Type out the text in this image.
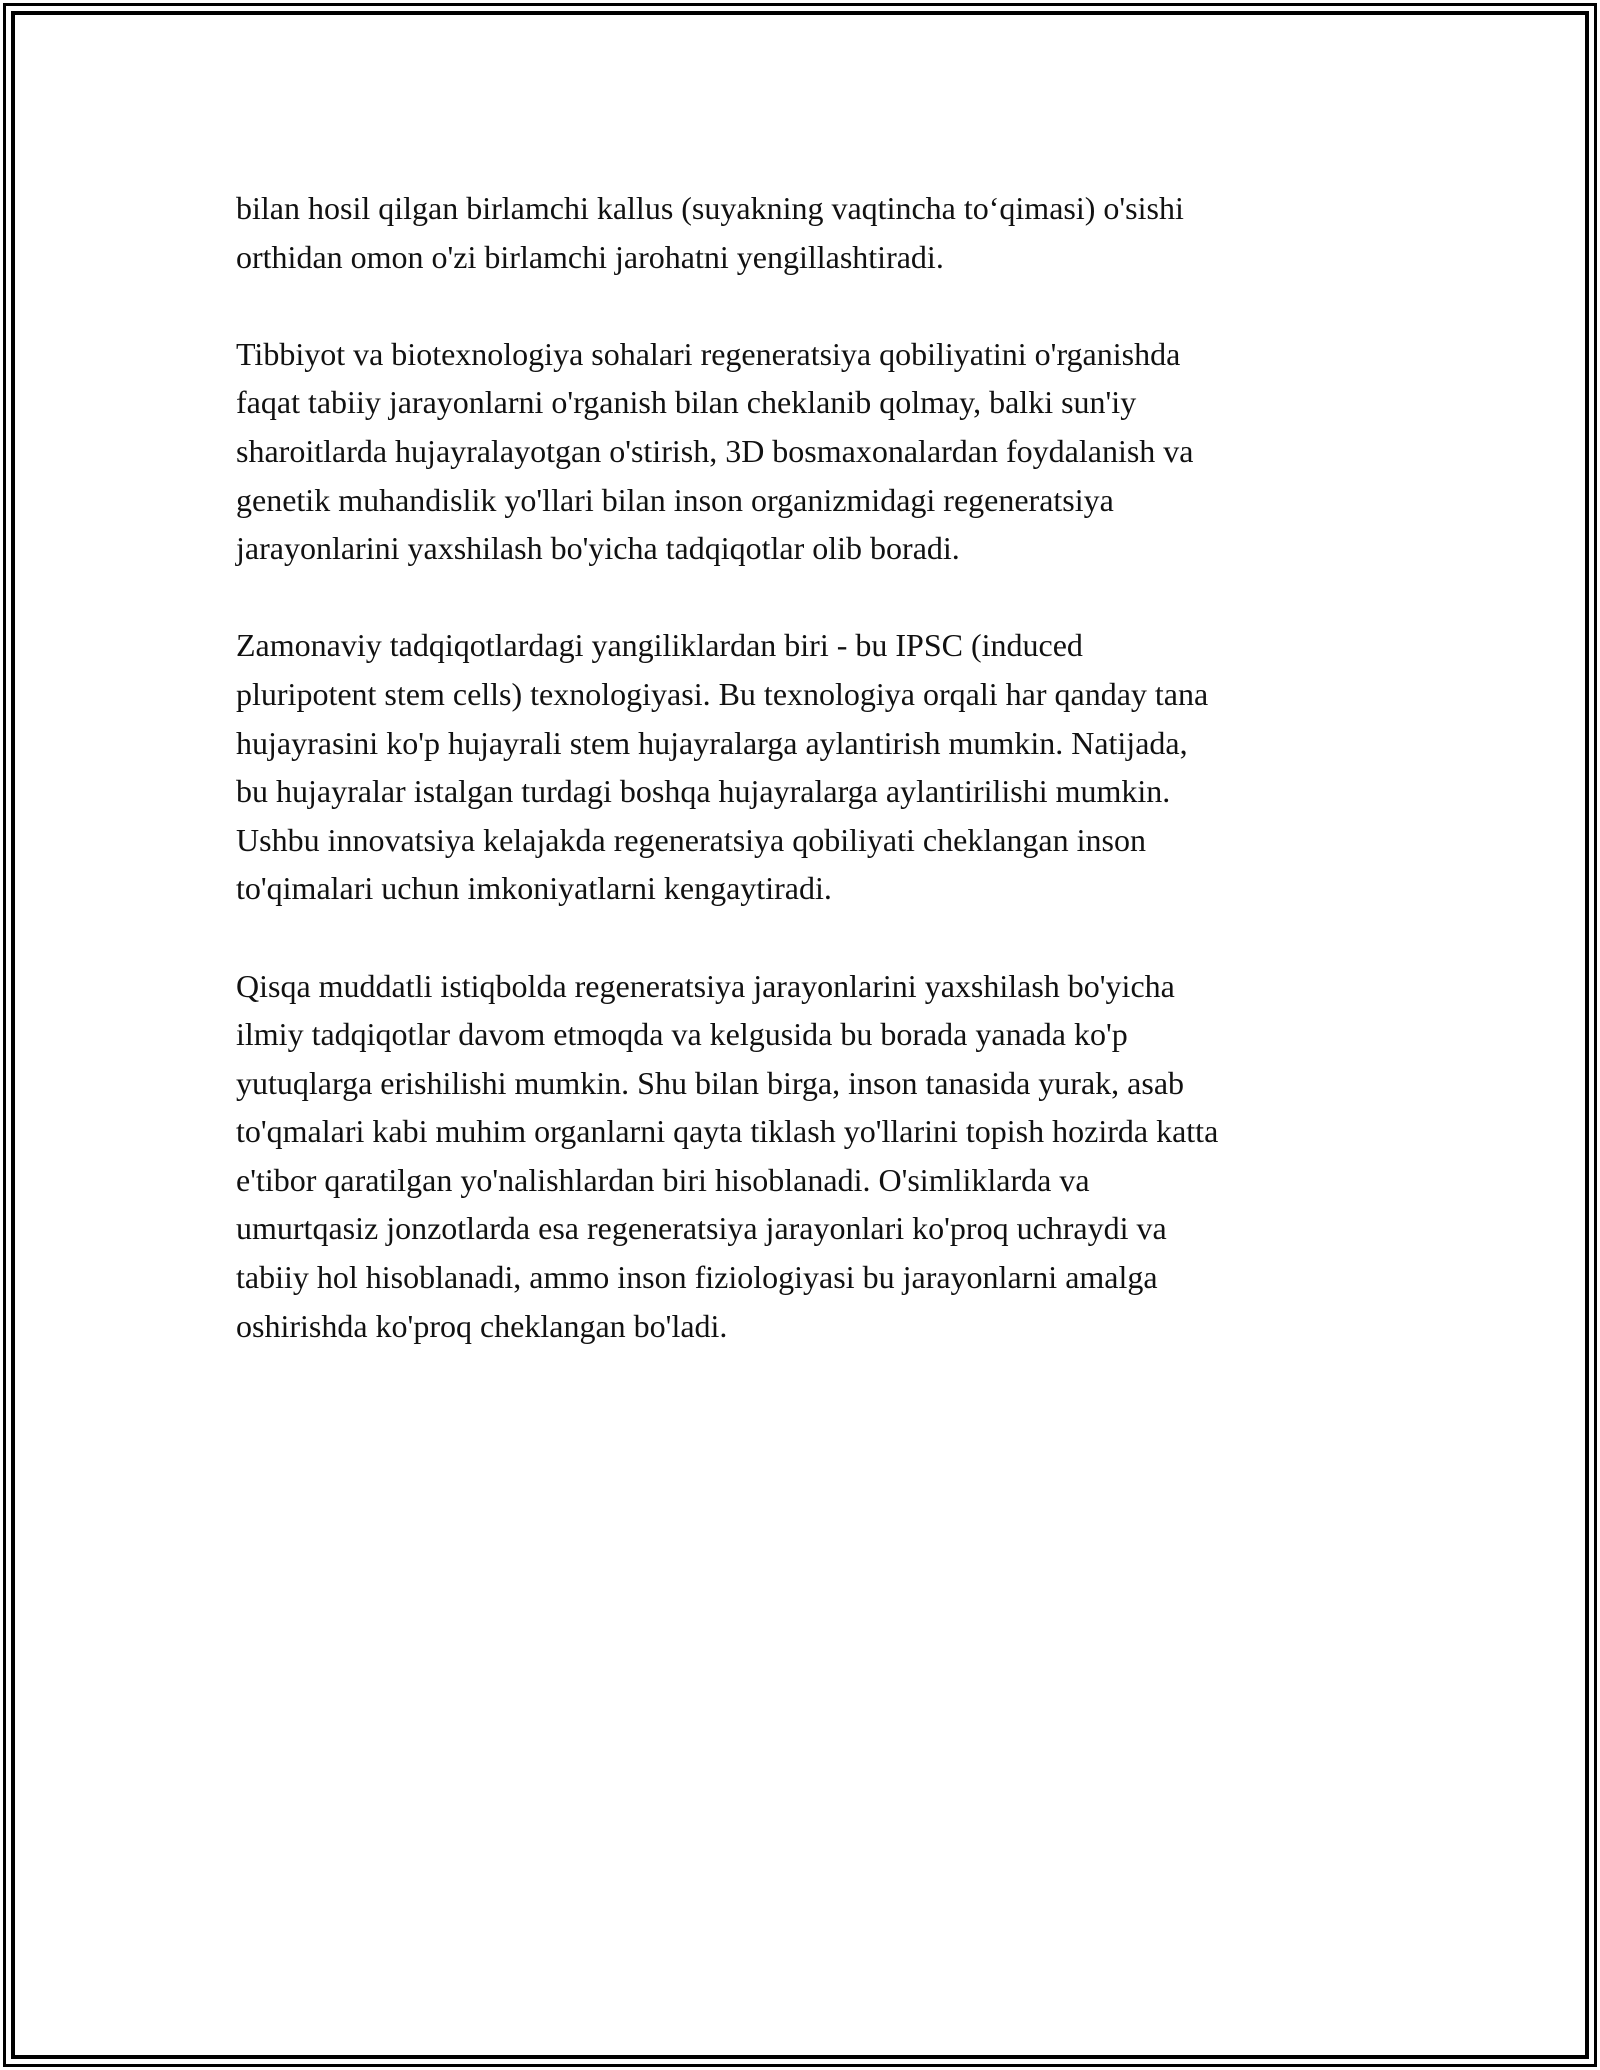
bilan hosil qilgan birlamchi kallus (suyakning vaqtincha to‘qimasi) o'sishi
orthidan omon o'zi birlamchi jarohatni yengillashtiradi.

Tibbiyot va biotexnologiya sohalari regeneratsiya qobiliyatini o'rganishda
faqat tabiiy jarayonlarni o'rganish bilan cheklanib qolmay, balki sun'iy
sharoitlarda hujayralayotgan o'stirish, 3D bosmaxonalardan foydalanish va
genetik muhandislik yo'llari bilan inson organizmidagi regeneratsiya
jarayonlarini yaxshilash bo'yicha tadqiqotlar olib boradi.

Zamonaviy tadqiqotlardagi yangiliklardan biri - bu IPSC (induced
pluripotent stem cells) texnologiyasi. Bu texnologiya orqali har qanday tana
hujayrasini ko'p hujayrali stem hujayralarga aylantirish mumkin. Natijada,
bu hujayralar istalgan turdagi boshqa hujayralarga aylantirilishi mumkin.
Ushbu innovatsiya kelajakda regeneratsiya qobiliyati cheklangan inson
to'qimalari uchun imkoniyatlarni kengaytiradi.

Qisqa muddatli istiqbolda regeneratsiya jarayonlarini yaxshilash bo'yicha
ilmiy tadqiqotlar davom etmoqda va kelgusida bu borada yanada ko'p
yutuqlarga erishilishi mumkin. Shu bilan birga, inson tanasida yurak, asab
to'qmalari kabi muhim organlarni qayta tiklash yo'llarini topish hozirda katta
e'tibor qaratilgan yo'nalishlardan biri hisoblanadi. O'simliklarda va
umurtqasiz jonzotlarda esa regeneratsiya jarayonlari ko'proq uchraydi va
tabiiy hol hisoblanadi, ammo inson fiziologiyasi bu jarayonlarni amalga
oshirishda ko'proq cheklangan bo'ladi.
